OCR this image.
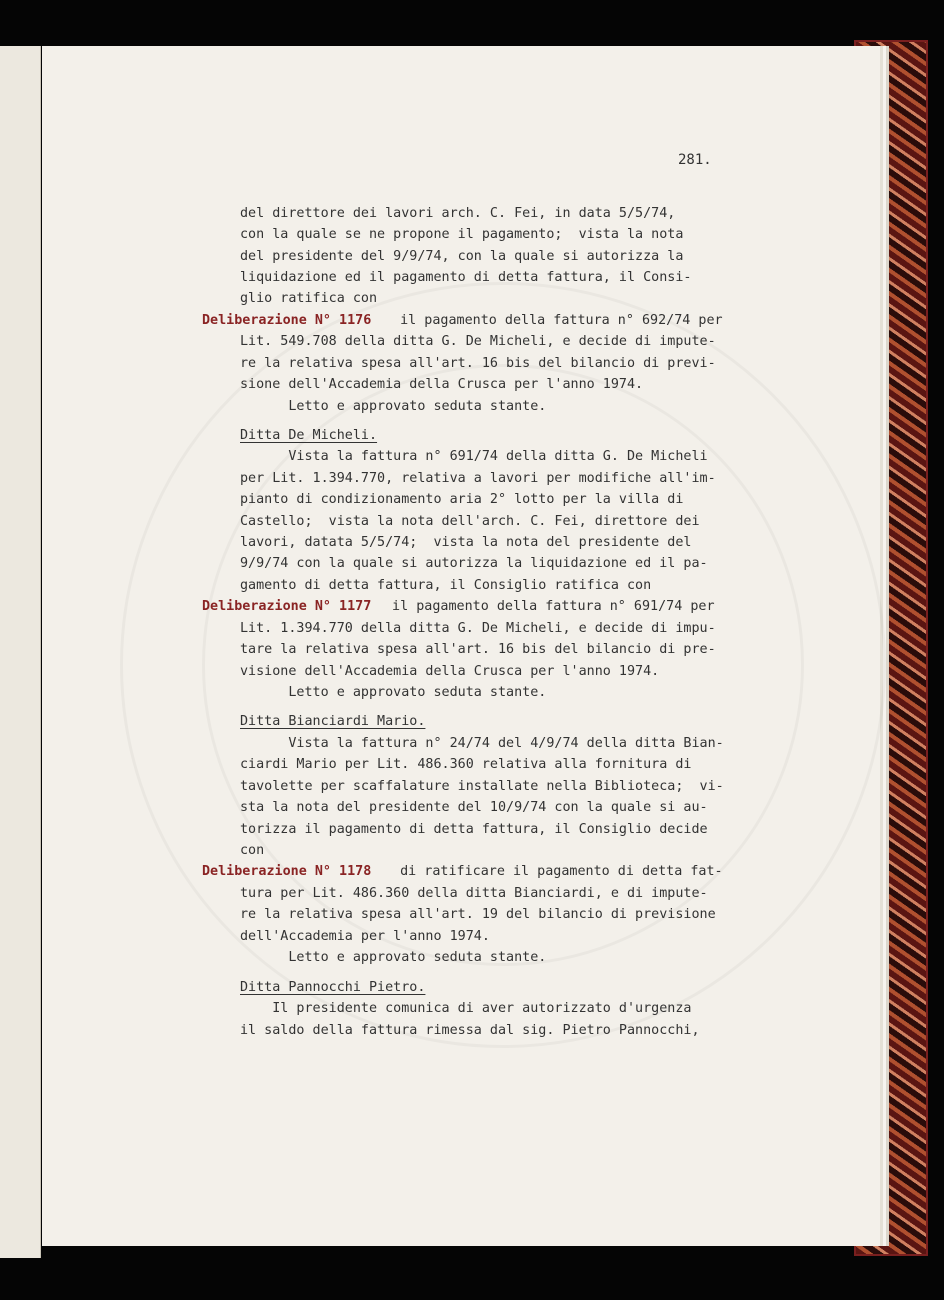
281.
del direttore dei lavori arch. C. Fei, in data 5/5/74,
con la quale se ne propone il pagamento;  vista la nota
del presidente del 9/9/74, con la quale si autorizza la
liquidazione ed il pagamento di detta fattura, il Consi-
glio ratifica con
Deliberazione N° 1176 il pagamento della fattura n° 692/74 per
Lit. 549.708 della ditta G. De Micheli, e decide di impute-
re la relativa spesa all'art. 16 bis del bilancio di previ-
sione dell'Accademia della Crusca per l'anno 1974.
Letto e approvato seduta stante.
Ditta De Micheli.
Vista la fattura n° 691/74 della ditta G. De Micheli
per Lit. 1.394.770, relativa a lavori per modifiche all'im-
pianto di condizionamento aria 2° lotto per la villa di
Castello;  vista la nota dell'arch. C. Fei, direttore dei
lavori, datata 5/5/74;  vista la nota del presidente del
9/9/74 con la quale si autorizza la liquidazione ed il pa-
gamento di detta fattura, il Consiglio ratifica con
Deliberazione N° 1177 il pagamento della fattura n° 691/74 per
Lit. 1.394.770 della ditta G. De Micheli, e decide di impu-
tare la relativa spesa all'art. 16 bis del bilancio di pre-
visione dell'Accademia della Crusca per l'anno 1974.
Letto e approvato seduta stante.
Ditta Bianciardi Mario.
Vista la fattura n° 24/74 del 4/9/74 della ditta Bian-
ciardi Mario per Lit. 486.360 relativa alla fornitura di
tavolette per scaffalature installate nella Biblioteca;  vi-
sta la nota del presidente del 10/9/74 con la quale si au-
torizza il pagamento di detta fattura, il Consiglio decide
con
Deliberazione N° 1178 di ratificare il pagamento di detta fat-
tura per Lit. 486.360 della ditta Bianciardi, e di impute-
re la relativa spesa all'art. 19 del bilancio di previsione
dell'Accademia per l'anno 1974.
Letto e approvato seduta stante.
Ditta Pannocchi Pietro.
Il presidente comunica di aver autorizzato d'urgenza
il saldo della fattura rimessa dal sig. Pietro Pannocchi,
